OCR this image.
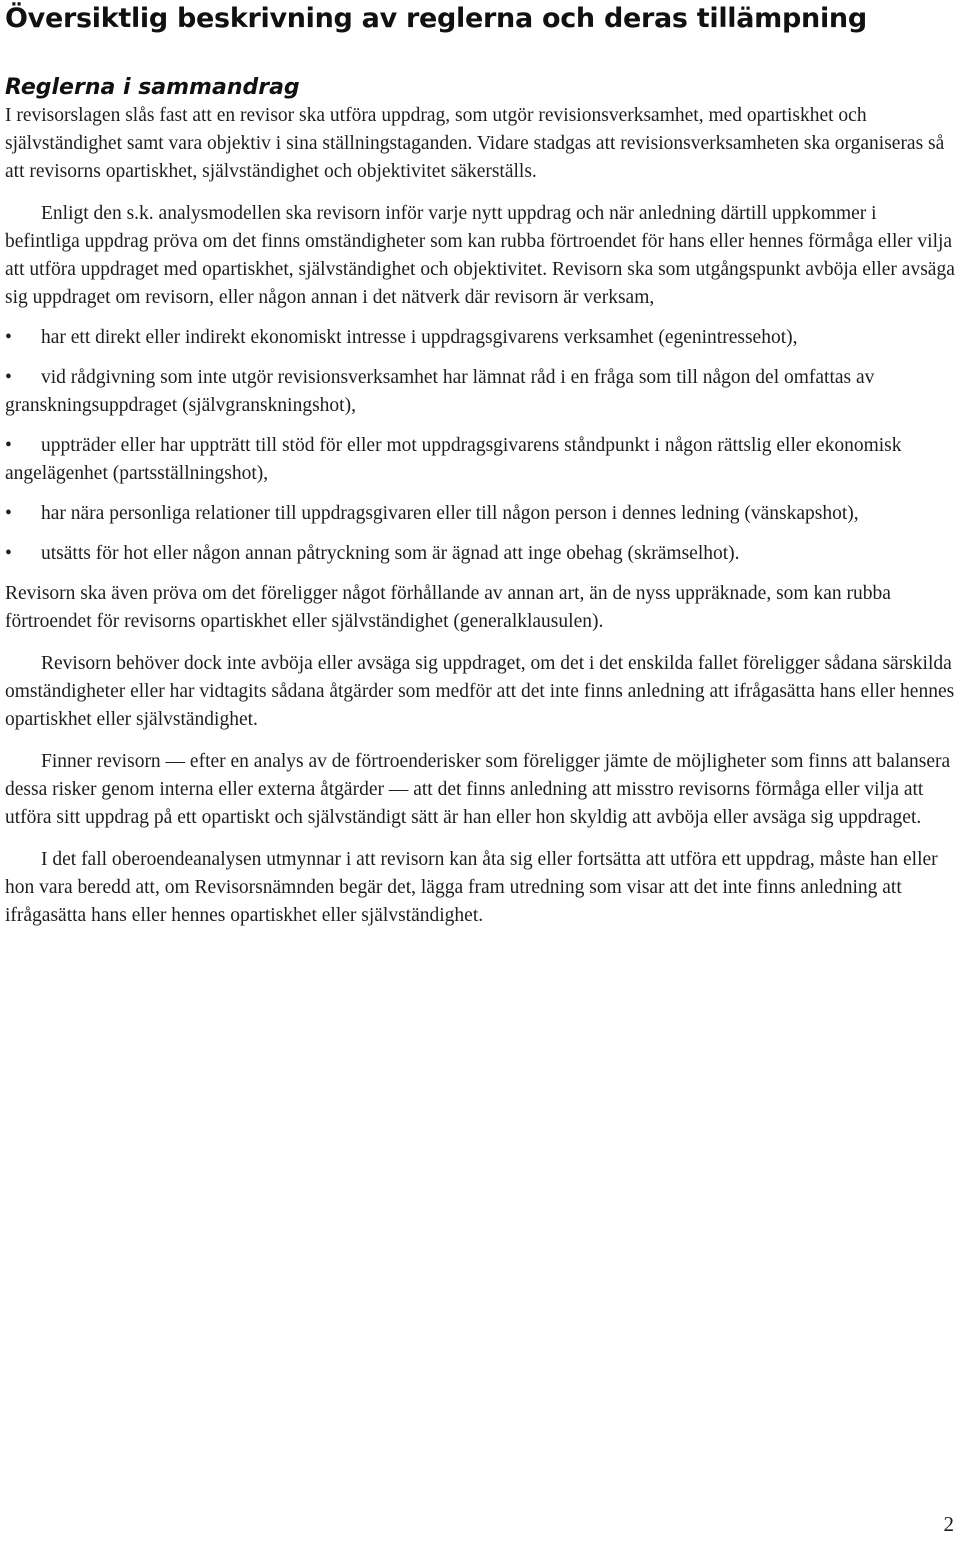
Översiktlig beskrivning av reglerna och deras tillämpning
Reglerna i sammandrag

I revisorslagen slås fast att en revisor ska utföra uppdrag, som utgör revisionsverksamhet, med opartiskhet och självständighet samt vara objektiv i sina ställningstaganden. Vidare stadgas att revisionsverksamheten ska organiseras så att revisorns opartiskhet, självständighet och objektivitet säkerställs.

Enligt den s.k. analysmodellen ska revisorn inför varje nytt uppdrag och när anledning därtill uppkommer i befintliga uppdrag pröva om det finns omständigheter som kan rubba förtroendet för hans eller hennes förmåga eller vilja att utföra uppdraget med opartiskhet, självständighet och objektivitet. Revisorn ska som utgångspunkt avböja eller avsäga sig uppdraget om revisorn, eller någon annan i det nätverk där revisorn är verksam,

• har ett direkt eller indirekt ekonomiskt intresse i uppdragsgivarens verksamhet (egenintressehot),

• vid rådgivning som inte utgör revisionsverksamhet har lämnat råd i en fråga som till någon del omfattas av granskningsuppdraget (självgranskningshot),

• uppträder eller har uppträtt till stöd för eller mot uppdragsgivarens ståndpunkt i någon rättslig eller ekonomisk angelägenhet (partsställningshot),

• har nära personliga relationer till uppdragsgivaren eller till någon person i dennes ledning (vänskapshot),

• utsätts för hot eller någon annan påtryckning som är ägnad att inge obehag (skrämselhot).

Revisorn ska även pröva om det föreligger något förhållande av annan art, än de nyss uppräknade, som kan rubba förtroendet för revisorns opartiskhet eller självständighet (generalklausulen).

Revisorn behöver dock inte avböja eller avsäga sig uppdraget, om det i det enskilda fallet föreligger sådana särskilda omständigheter eller har vidtagits sådana åtgärder som medför att det inte finns anledning att ifrågasätta hans eller hennes opartiskhet eller självständighet.

Finner revisorn — efter en analys av de förtroenderisker som föreligger jämte de möjligheter som finns att balansera dessa risker genom interna eller externa åtgärder — att det finns anledning att misstro revisorns förmåga eller vilja att utföra sitt uppdrag på ett opartiskt och självständigt sätt är han eller hon skyldig att avböja eller avsäga sig uppdraget.

I det fall oberoendeanalysen utmynnar i att revisorn kan åta sig eller fortsätta att utföra ett uppdrag, måste han eller hon vara beredd att, om Revisorsnämnden begär det, lägga fram utredning som visar att det inte finns anledning att ifrågasätta hans eller hennes opartiskhet eller självständighet.

2
